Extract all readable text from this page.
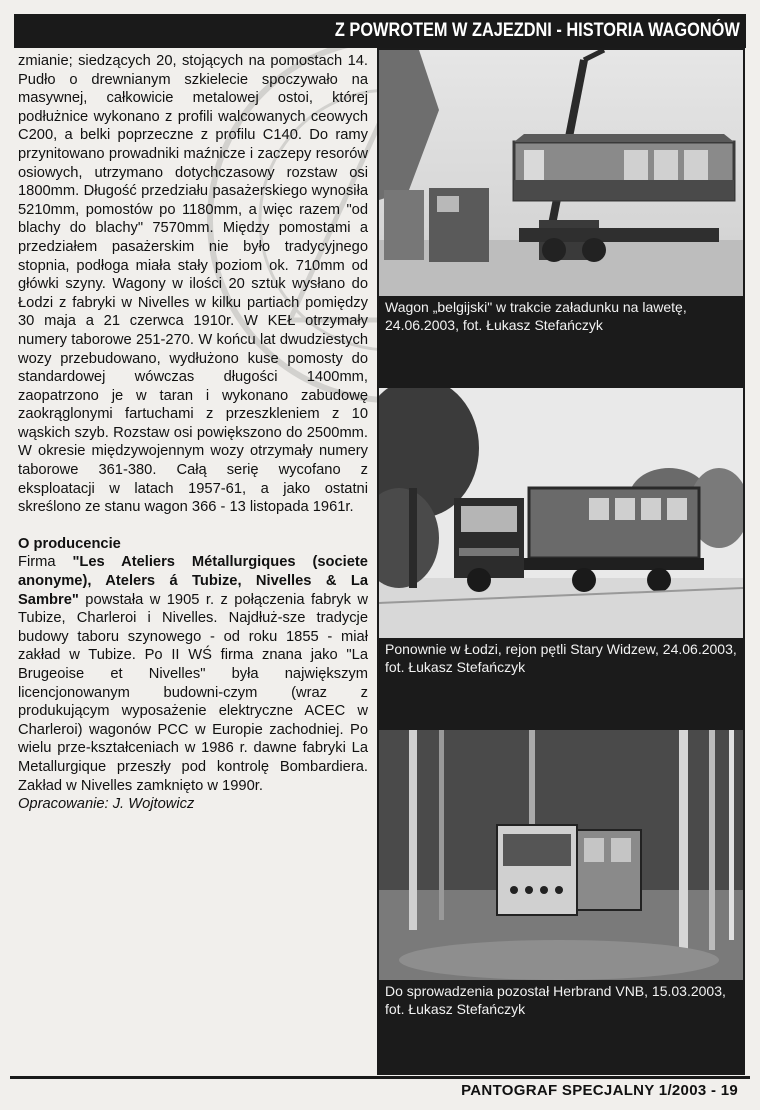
Z POWROTEM W ZAJEZDNI - HISTORIA WAGONÓW

zmianie; siedzących 20, stojących na pomostach 14. Pudło o drewnianym szkielecie spoczywało na masywnej, całkowicie metalowej ostoi, której podłużnice wykonano z profili walcowanych ceowych C200, a belki poprzeczne z profilu C140. Do ramy przynitowano prowadniki maźnicze i zaczepy resorów osiowych, utrzymano dotychczasowy rozstaw osi 1800mm. Długość przedziału pasażerskiego wynosiła 5210mm, pomostów po 1180mm, a więc razem "od blachy do blachy" 7570mm. Między pomostami a przedziałem pasażerskim nie było tradycyjnego stopnia, podłoga miała stały poziom ok. 710mm od główki szyny. Wagony w ilości 20 sztuk wysłano do Łodzi z fabryki w Nivelles w kilku partiach pomiędzy 30 maja a 21 czerwca 1910r. W KEŁ otrzymały numery taborowe 251-270. W końcu lat dwudziestych wozy przebudowano, wydłużono kuse pomosty do standardowej wówczas długości 1400mm, zaopatrzono je w taran i wykonano zabudowę zaokrąglonymi fartuchami z przeszkleniem z 10 wąskich szyb. Rozstaw osi powiększono do 2500mm. W okresie międzywojennym wozy otrzymały numery taborowe 361-380. Całą serię wycofano z eksploatacji w latach 1957-61, a jako ostatni skreślono ze stanu wagon 366 - 13 listopada 1961r.

O producencie

Firma "Les Ateliers Métallurgiques (societe anonyme), Atelers á Tubize, Nivelles & La Sambre" powstała w 1905 r. z połączenia fabryk w Tubize, Charleroi i Nivelles. Najdłuż-sze tradycje budowy taboru szynowego - od roku 1855 - miał zakład w Tubize. Po II WŚ firma znana jako "La Brugeoise et Nivelles" była największym licencjonowanym budowni-czym (wraz z produkującym wyposażenie elektryczne ACEC w Charleroi) wagonów PCC w Europie zachodniej. Po wielu prze-kształceniach w 1986 r. dawne fabryki La Metallurgique przeszły pod kontrolę Bombardiera. Zakład w Nivelles zamknięto w 1990r.

Opracowanie: J. Wojtowicz

Wagon „belgijski" w trakcie załadunku na lawetę, 24.06.2003, fot. Łukasz Stefańczyk
Ponownie w Łodzi, rejon pętli Stary Widzew, 24.06.2003, fot. Łukasz Stefańczyk
Do sprowadzenia pozostał Herbrand VNB, 15.03.2003, fot. Łukasz Stefańczyk
PANTOGRAF SPECJALNY 1/2003 - 19
